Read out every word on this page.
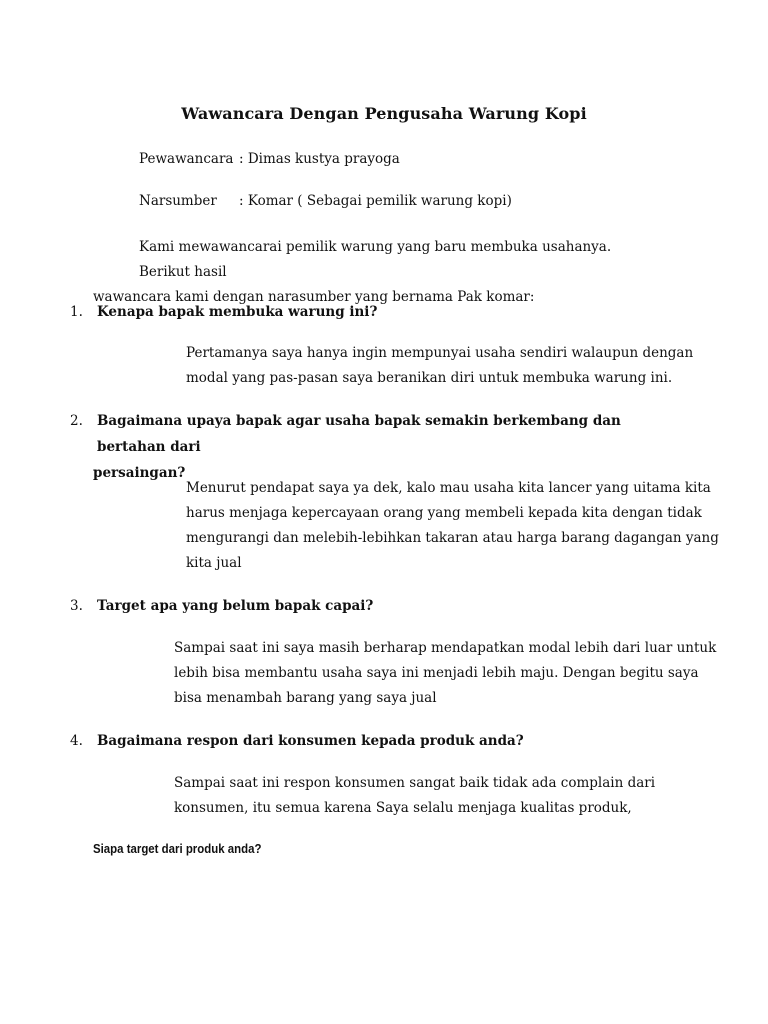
Wawancara Dengan Pengusaha Warung Kopi
Pewawancara : Dimas kustya prayoga
Narsumber : Komar ( Sebagai pemilik warung kopi)
Kami mewawancarai pemilik warung yang baru membuka usahanya. Berikut hasil
wawancara kami dengan narasumber yang bernama Pak komar:
1.	Kenapa bapak membuka warung ini?
Pertamanya saya hanya ingin mempunyai usaha sendiri walaupun dengan
modal yang pas-pasan saya beranikan diri untuk membuka warung ini.
2.	Bagaimana upaya bapak agar usaha bapak semakin berkembang dan bertahan dari
persaingan?
Menurut pendapat saya ya dek, kalo mau usaha kita lancer yang uitama kita
harus menjaga kepercayaan orang yang membeli kepada kita dengan tidak
mengurangi dan melebih-lebihkan takaran atau harga barang dagangan yang
kita jual
3.	Target apa yang belum bapak capai?
Sampai saat ini saya masih berharap mendapatkan modal lebih dari luar untuk
lebih bisa membantu usaha saya ini menjadi lebih maju. Dengan begitu saya
bisa menambah barang yang saya jual
4.	Bagaimana respon dari konsumen kepada produk anda?
Sampai saat ini respon konsumen sangat baik tidak ada complain dari
konsumen, itu semua karena Saya selalu menjaga kualitas produk,
Siapa target dari produk anda?
